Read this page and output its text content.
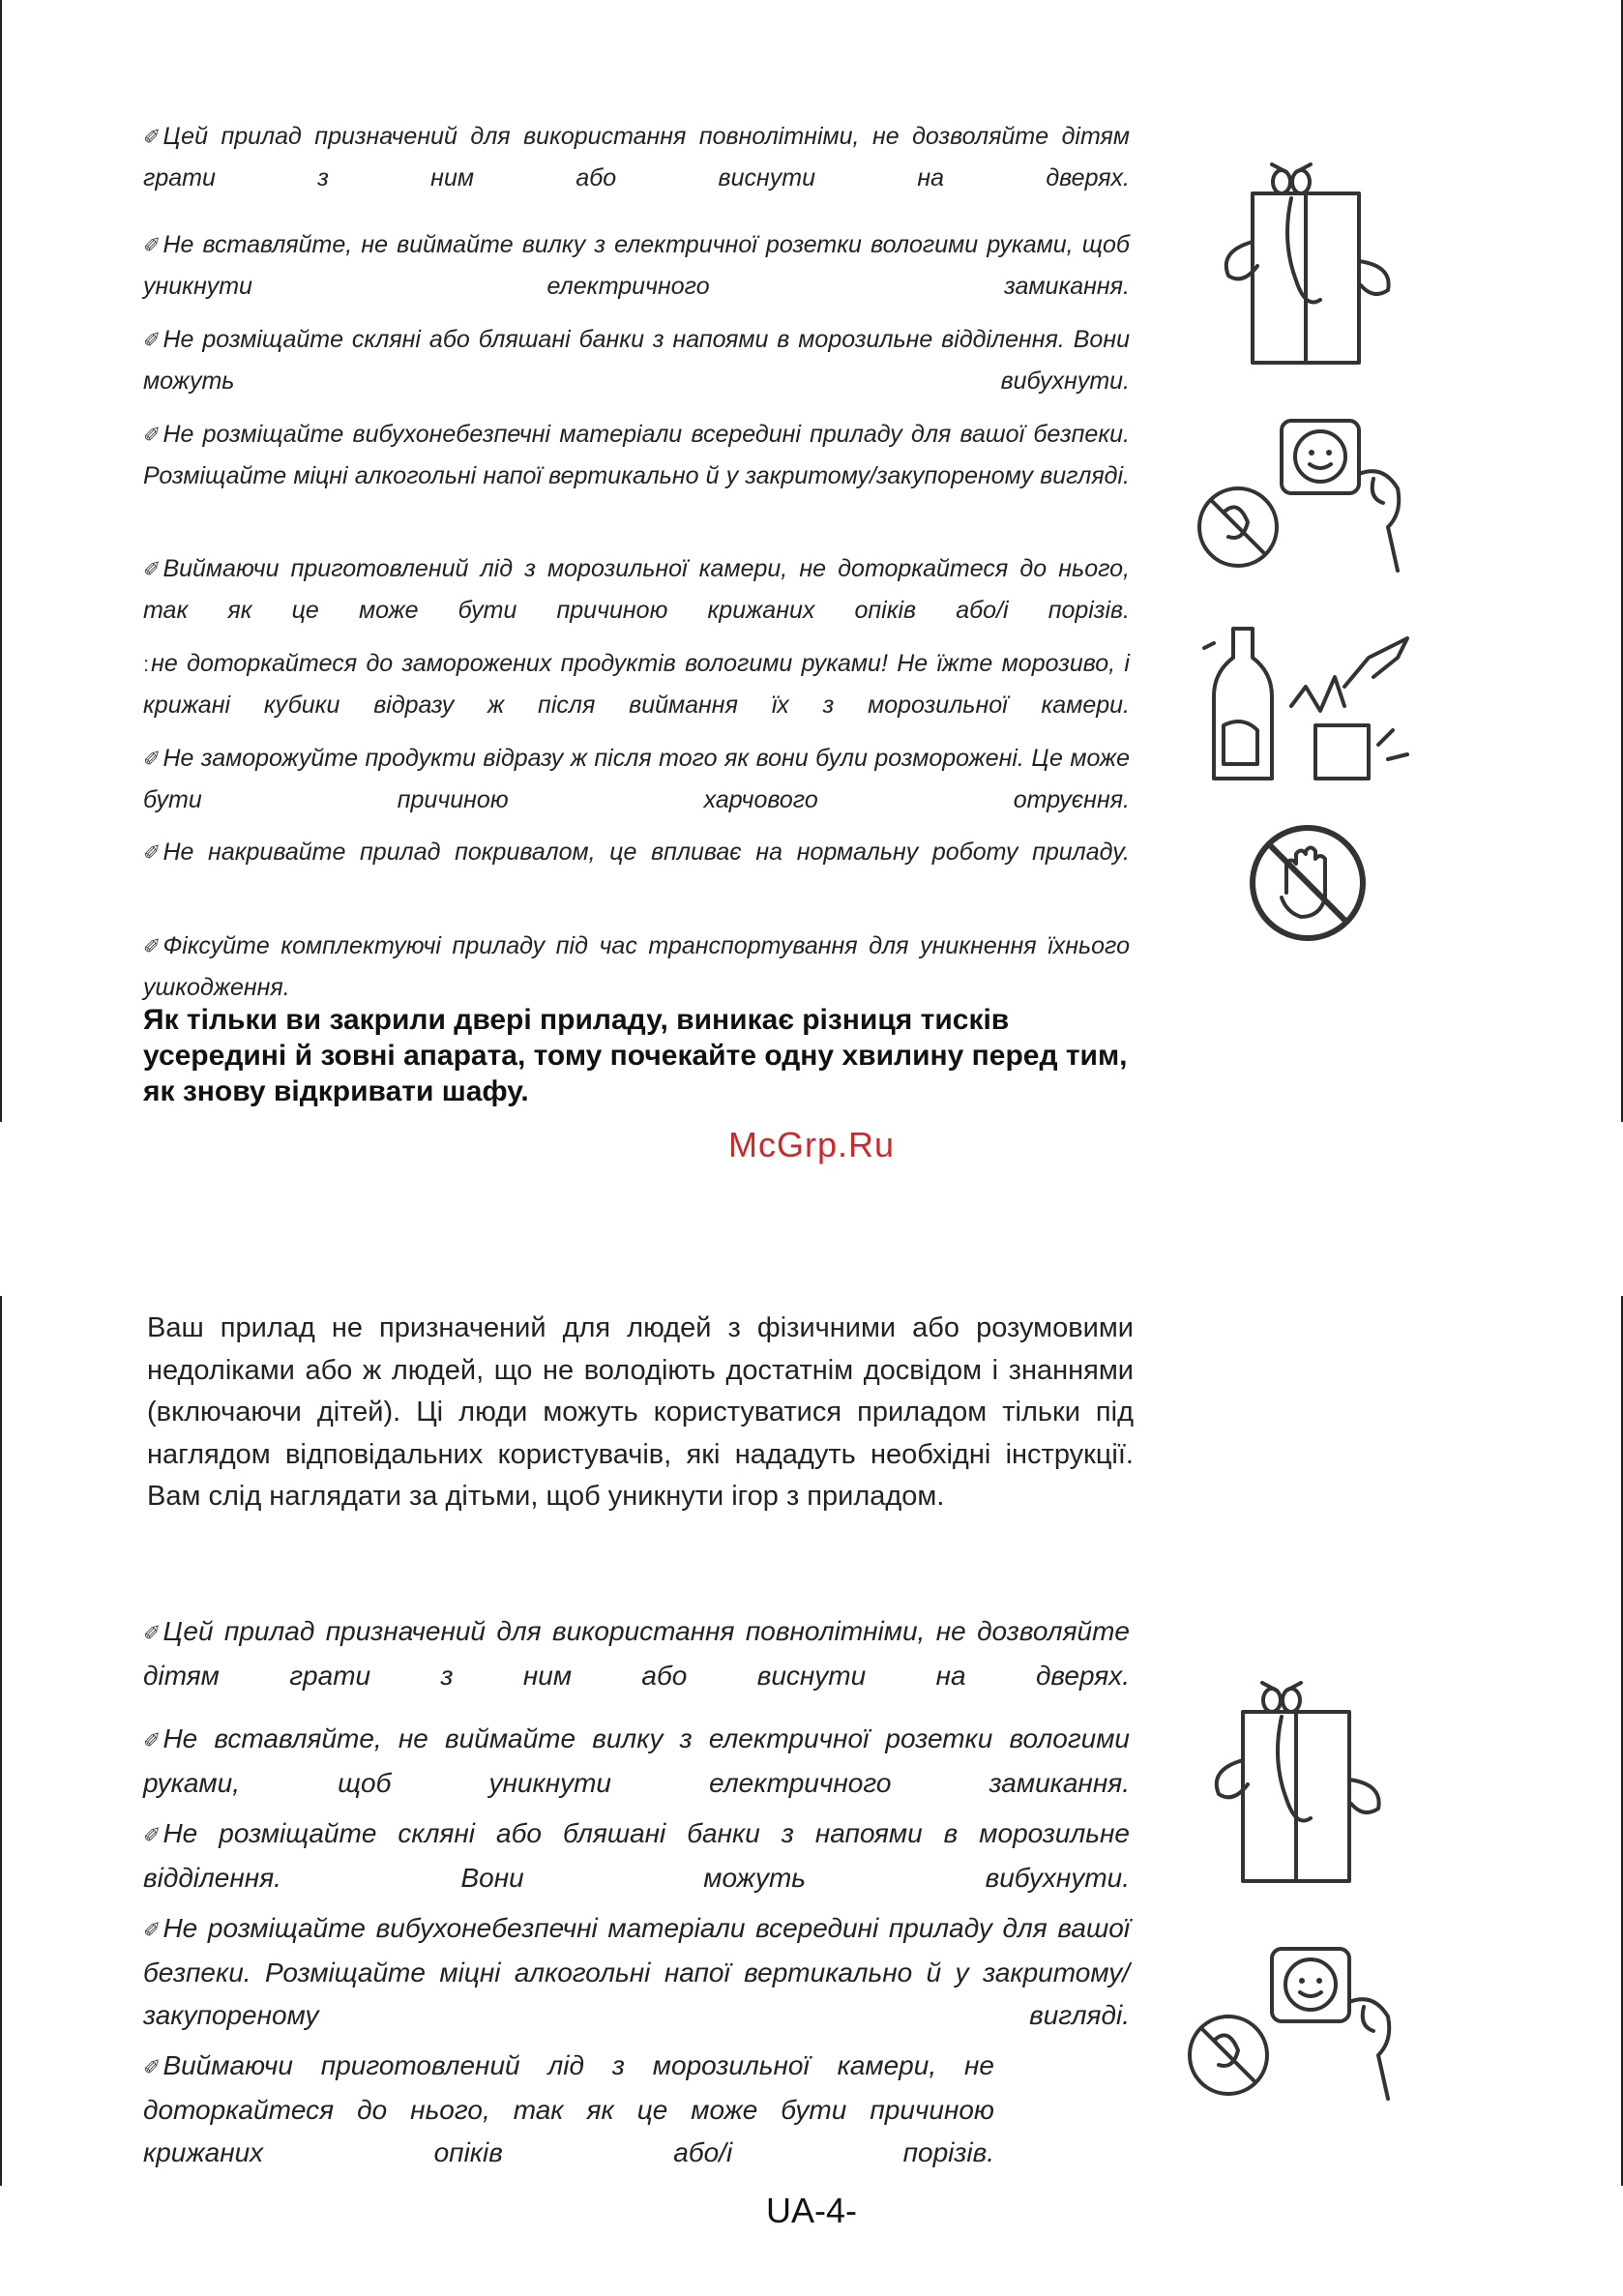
✐Цей прилад призначений для використання повнолітніми, не дозволяйте дітям грати з ним або виснути на дверях.
✐Не вставляйте, не виймайте вилку з електричної розетки вологими руками, щоб уникнути електричного замикання.
✐Не розміщайте скляні або бляшані банки з напоями в морозильне відділення. Вони можуть вибухнути.
✐Не розміщайте вибухонебезпечні матеріали всередині приладу для вашої безпеки. Розміщайте міцні алкогольні напої вертикально й у закритому/закупореному вигляді.
✐Виймаючи приготовлений лід з морозильної камери, не доторкайтеся до нього, так як це може бути причиною крижаних опіків або/і порізів.
:не доторкайтеся до заморожених продуктів вологими руками! Не їжте морозиво, і крижані кубики відразу ж після виймання їх з морозильної камери.
✐Не заморожуйте продукти відразу ж після того як вони були розморожені. Це може бути причиною харчового отруєння.
✐Не накривайте прилад покривалом, це впливає на нормальну роботу приладу.
✐Фіксуйте комплектуючі приладу під час транспортування для уникнення їхнього ушкодження.
Як тільки ви закрили двері приладу, виникає різниця тисків усередині й зовні апарата, тому почекайте одну хвилину перед тим, як знову відкривати шафу.
McGrp.Ru
Ваш прилад не призначений для людей з фізичними або розумовими недоліками або ж людей, що не володіють достатнім досвідом і знаннями (включаючи дітей). Ці люди можуть користуватися приладом тільки під наглядом відповідальних користувачів, які нададуть необхідні інструкції. Вам слід наглядати за дітьми, щоб уникнути ігор з приладом.
✐Цей прилад призначений для використання повнолітніми, не дозволяйте дітям грати з ним або виснути на дверях.
✐Не вставляйте, не виймайте вилку з електричної розетки вологими руками, щоб уникнути електричного замикання.
✐Не розміщайте скляні або бляшані банки з напоями в морозильне відділення. Вони можуть вибухнути.
✐Не розміщайте вибухонебезпечні матеріали всередині приладу для вашої безпеки. Розміщайте міцні алкогольні напої вертикально й у закритому/закупореному вигляді.
✐Виймаючи приготовлений лід з морозильної камери, не доторкайтеся до нього, так як це може бути причиною крижаних опіків або/і порізів.
UA-4-
